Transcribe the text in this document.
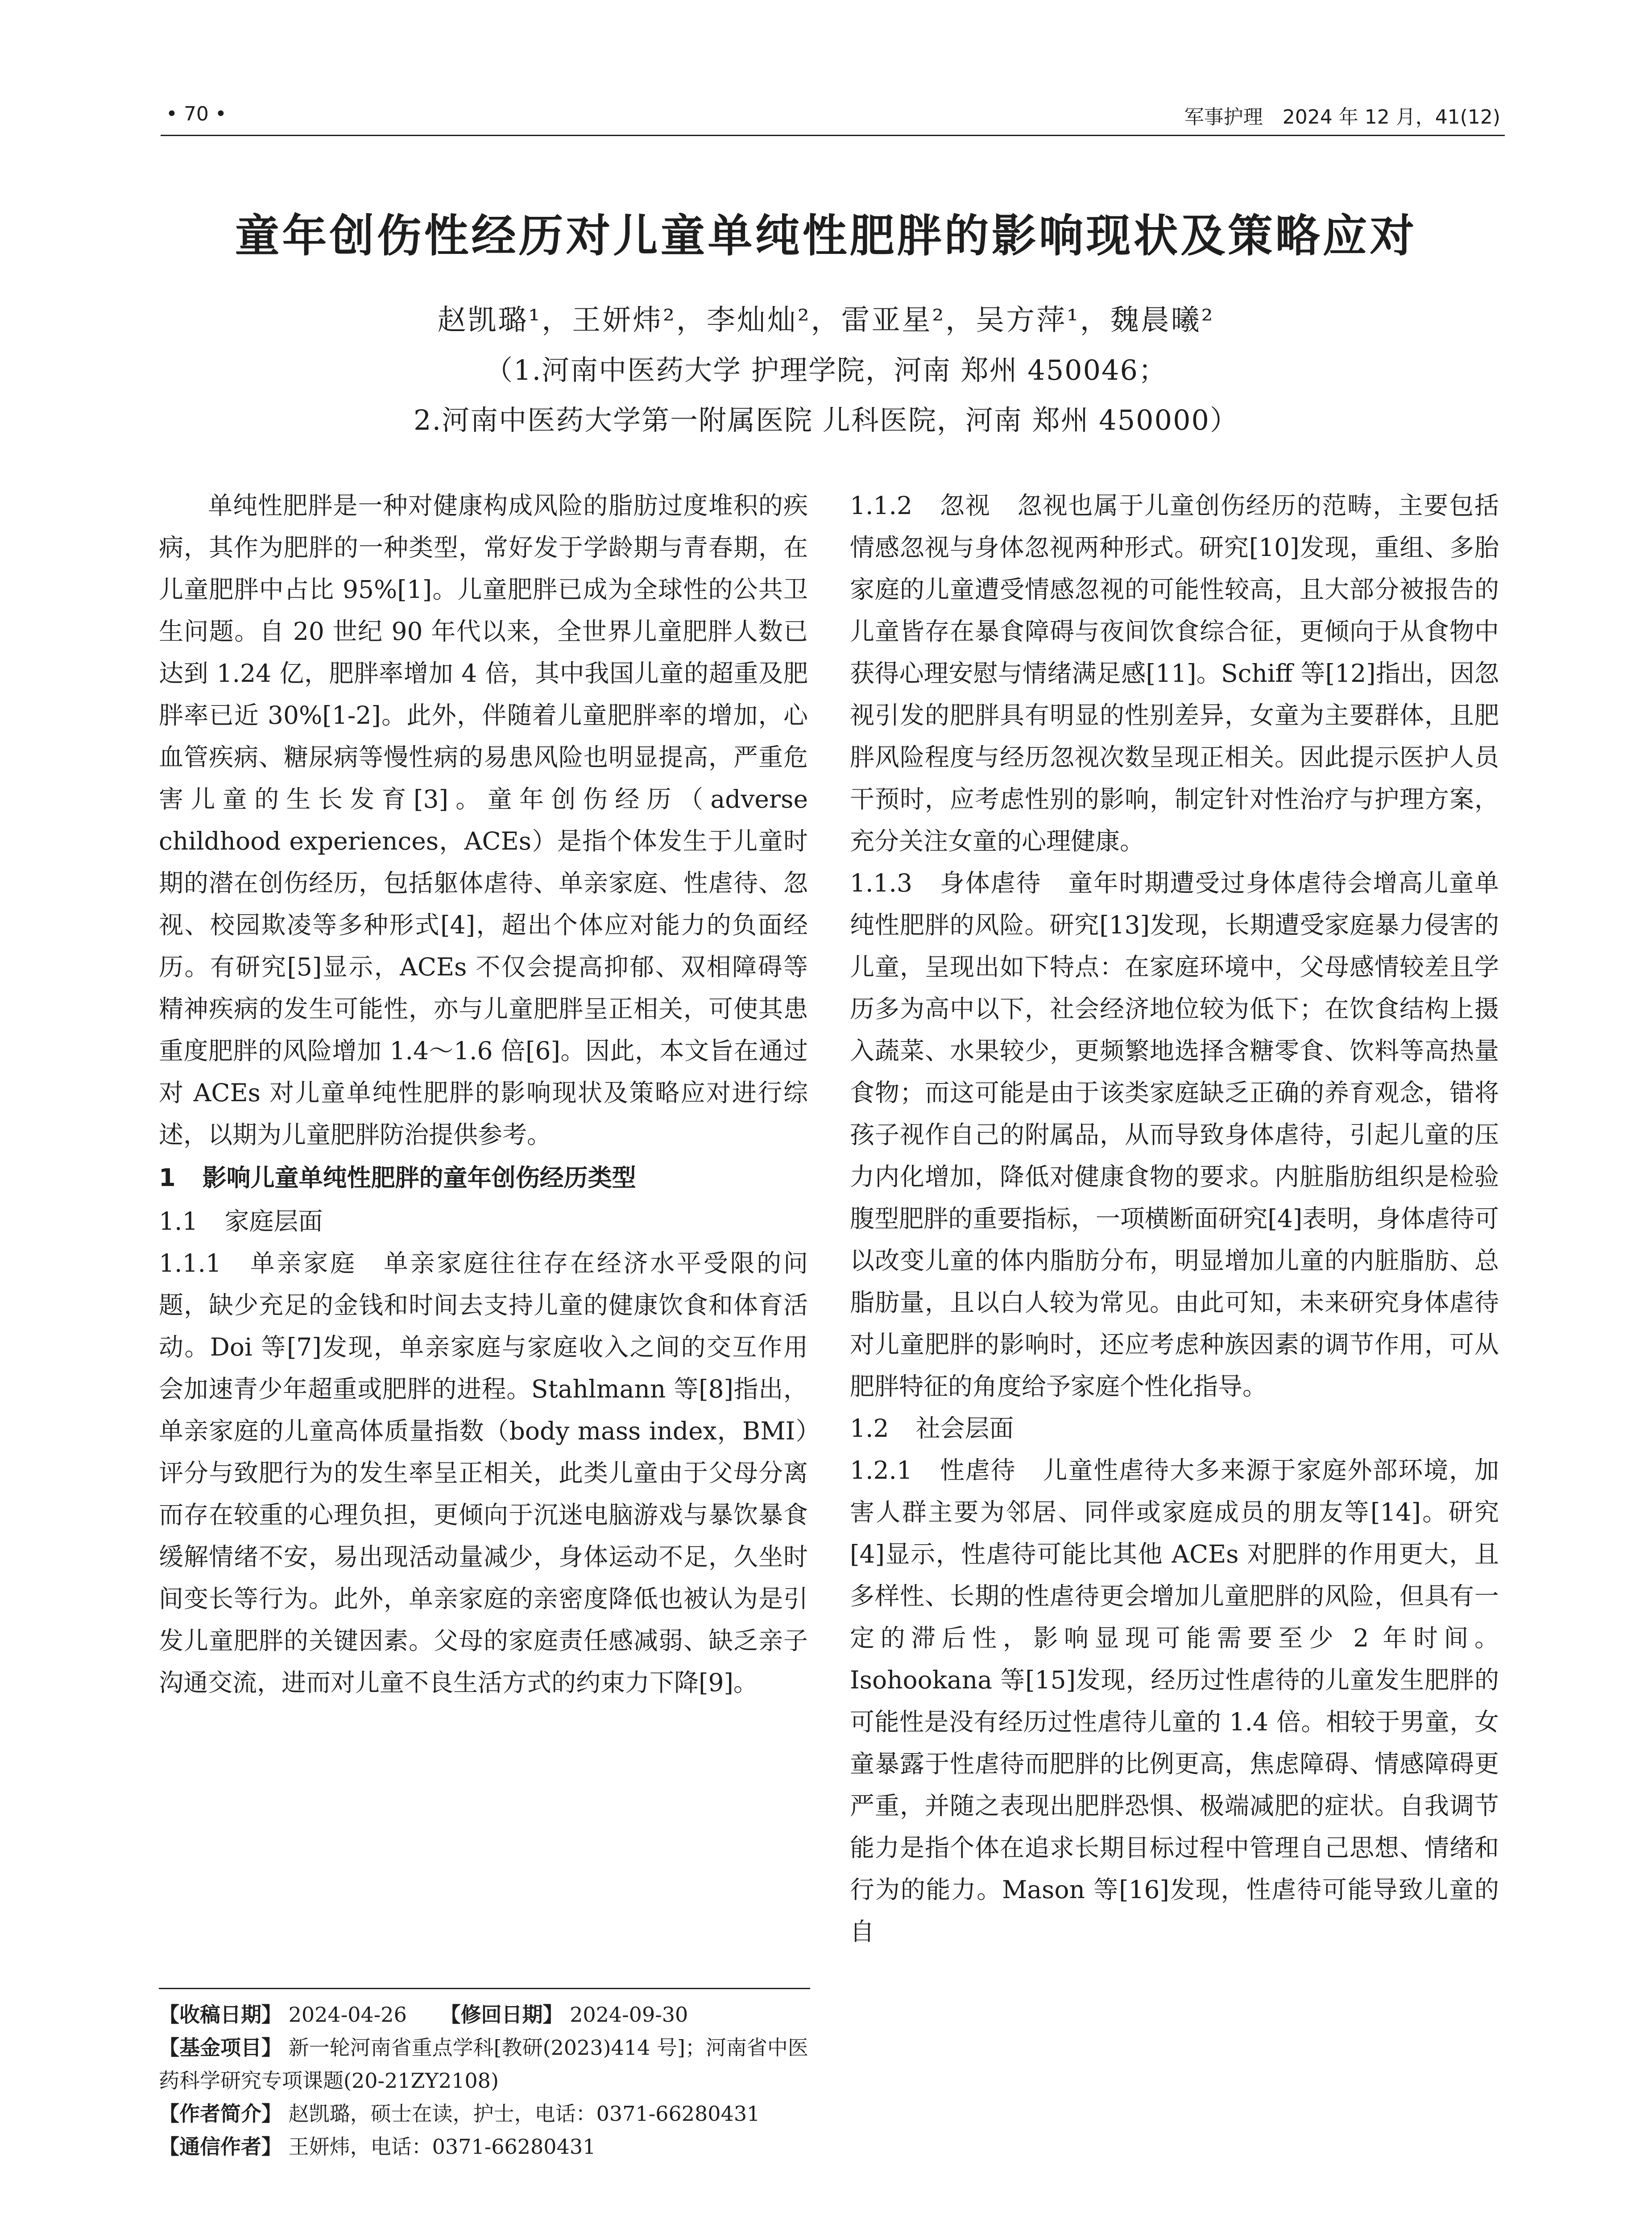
• 70 •	军事护理　2024 年 12 月，41(12)
童年创伤性经历对儿童单纯性肥胖的影响现状及策略应对
赵凯璐¹，王妍炜²，李灿灿²，雷亚星²，吴方萍¹，魏晨曦²
（1.河南中医药大学 护理学院，河南 郑州 450046；
2.河南中医药大学第一附属医院 儿科医院，河南 郑州 450000）

单纯性肥胖是一种对健康构成风险的脂肪过度堆积的疾病，其作为肥胖的一种类型，常好发于学龄期与青春期，在儿童肥胖中占比 95%[1]。儿童肥胖已成为全球性的公共卫生问题。自 20 世纪 90 年代以来，全世界儿童肥胖人数已达到 1.24 亿，肥胖率增加 4 倍，其中我国儿童的超重及肥胖率已近 30%[1-2]。此外，伴随着儿童肥胖率的增加，心血管疾病、糖尿病等慢性病的易患风险也明显提高，严重危害儿童的生长发育[3]。童年创伤经历（adverse childhood experiences，ACEs）是指个体发生于儿童时期的潜在创伤经历，包括躯体虐待、单亲家庭、性虐待、忽视、校园欺凌等多种形式[4]，超出个体应对能力的负面经历。有研究[5]显示，ACEs 不仅会提高抑郁、双相障碍等精神疾病的发生可能性，亦与儿童肥胖呈正相关，可使其患重度肥胖的风险增加 1.4～1.6 倍[6]。因此，本文旨在通过对 ACEs 对儿童单纯性肥胖的影响现状及策略应对进行综述，以期为儿童肥胖防治提供参考。

1 影响儿童单纯性肥胖的童年创伤经历类型
1.1 家庭层面

1.1.1 单亲家庭 单亲家庭往往存在经济水平受限的问题，缺少充足的金钱和时间去支持儿童的健康饮食和体育活动。Doi 等[7]发现，单亲家庭与家庭收入之间的交互作用会加速青少年超重或肥胖的进程。Stahlmann 等[8]指出，单亲家庭的儿童高体质量指数（body mass index，BMI）评分与致肥行为的发生率呈正相关，此类儿童由于父母分离而存在较重的心理负担，更倾向于沉迷电脑游戏与暴饮暴食缓解情绪不安，易出现活动量减少，身体运动不足，久坐时间变长等行为。此外，单亲家庭的亲密度降低也被认为是引发儿童肥胖的关键因素。父母的家庭责任感减弱、缺乏亲子沟通交流，进而对儿童不良生活方式的约束力下降[9]。

1.1.2 忽视 忽视也属于儿童创伤经历的范畴，主要包括情感忽视与身体忽视两种形式。研究[10]发现，重组、多胎家庭的儿童遭受情感忽视的可能性较高，且大部分被报告的儿童皆存在暴食障碍与夜间饮食综合征，更倾向于从食物中获得心理安慰与情绪满足感[11]。Schiff 等[12]指出，因忽视引发的肥胖具有明显的性别差异，女童为主要群体，且肥胖风险程度与经历忽视次数呈现正相关。因此提示医护人员干预时，应考虑性别的影响，制定针对性治疗与护理方案，充分关注女童的心理健康。

1.1.3 身体虐待 童年时期遭受过身体虐待会增高儿童单纯性肥胖的风险。研究[13]发现，长期遭受家庭暴力侵害的儿童，呈现出如下特点：在家庭环境中，父母感情较差且学历多为高中以下，社会经济地位较为低下；在饮食结构上摄入蔬菜、水果较少，更频繁地选择含糖零食、饮料等高热量食物；而这可能是由于该类家庭缺乏正确的养育观念，错将孩子视作自己的附属品，从而导致身体虐待，引起儿童的压力内化增加，降低对健康食物的要求。内脏脂肪组织是检验腹型肥胖的重要指标，一项横断面研究[4]表明，身体虐待可以改变儿童的体内脂肪分布，明显增加儿童的内脏脂肪、总脂肪量，且以白人较为常见。由此可知，未来研究身体虐待对儿童肥胖的影响时，还应考虑种族因素的调节作用，可从肥胖特征的角度给予家庭个性化指导。

1.2 社会层面

1.2.1 性虐待 儿童性虐待大多来源于家庭外部环境，加害人群主要为邻居、同伴或家庭成员的朋友等[14]。研究[4]显示，性虐待可能比其他 ACEs 对肥胖的作用更大，且多样性、长期的性虐待更会增加儿童肥胖的风险，但具有一定的滞后性，影响显现可能需要至少 2 年时间。Isohookana 等[15]发现，经历过性虐待的儿童发生肥胖的可能性是没有经历过性虐待儿童的 1.4 倍。相较于男童，女童暴露于性虐待而肥胖的比例更高，焦虑障碍、情感障碍更严重，并随之表现出肥胖恐惧、极端减肥的症状。自我调节能力是指个体在追求长期目标过程中管理自己思想、情绪和行为的能力。Mason 等[16]发现，性虐待可能导致儿童的自

【收稿日期】 2024-04-26 【修回日期】 2024-09-30

【基金项目】 新一轮河南省重点学科[教研(2023)414 号]；河南省中医药科学研究专项课题(20-21ZY2108)

【作者简介】 赵凯璐，硕士在读，护士，电话：0371-66280431

【通信作者】 王妍炜，电话：0371-66280431
